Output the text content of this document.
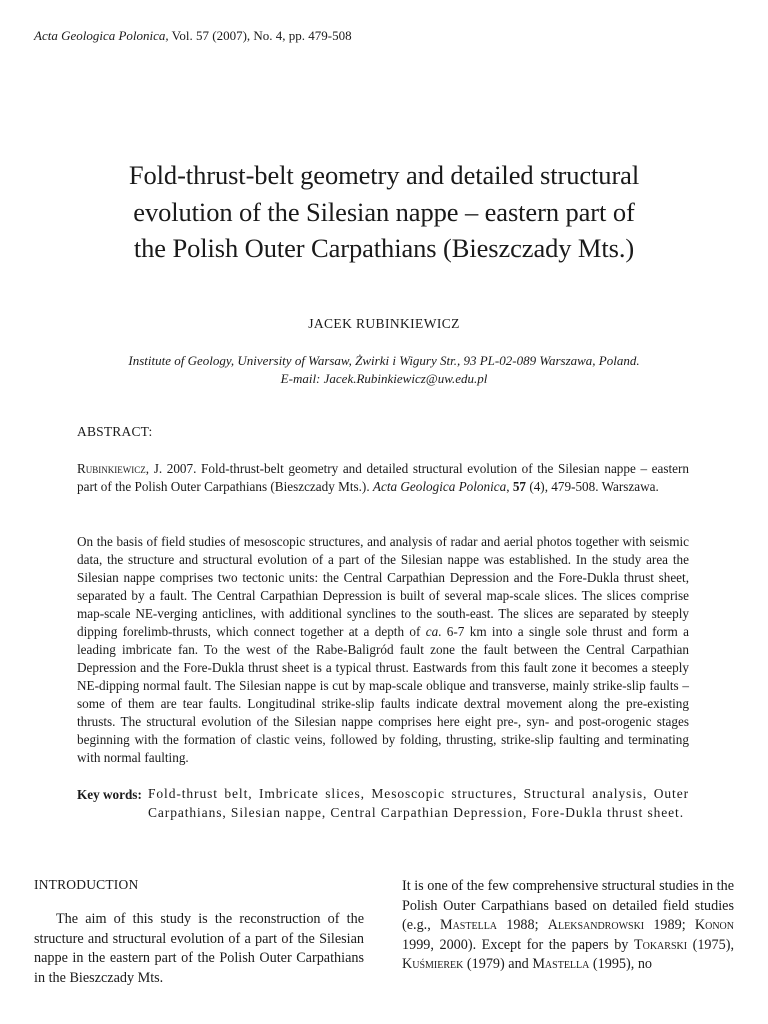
Acta Geologica Polonica, Vol. 57 (2007), No. 4, pp. 479-508
Fold-thrust-belt geometry and detailed structural
evolution of the Silesian nappe – eastern part of
the Polish Outer Carpathians (Bieszczady Mts.)
JACEK RUBINKIEWICZ
Institute of Geology, University of Warsaw, Żwirki i Wigury Str., 93 PL-02-089 Warszawa, Poland.
E-mail: Jacek.Rubinkiewicz@uw.edu.pl
ABSTRACT:
Rubinkiewicz, J. 2007. Fold-thrust-belt geometry and detailed structural evolution of the Silesian nappe – eastern part of the Polish Outer Carpathians (Bieszczady Mts.). Acta Geologica Polonica, 57 (4), 479-508. Warszawa.
On the basis of field studies of mesoscopic structures, and analysis of radar and aerial photos together with seismic data, the structure and structural evolution of a part of the Silesian nappe was established. In the study area the Silesian nappe comprises two tectonic units: the Central Carpathian Depression and the Fore-Dukla thrust sheet, separated by a fault. The Central Carpathian Depression is built of several map-scale slices. The slices comprise map-scale NE-verging anticlines, with additional synclines to the south-east. The slices are separated by steeply dipping forelimb-thrusts, which connect together at a depth of ca. 6-7 km into a single sole thrust and form a leading imbricate fan. To the west of the Rabe-Baligród fault zone the fault between the Central Carpathian Depression and the Fore-Dukla thrust sheet is a typical thrust. Eastwards from this fault zone it becomes a steeply NE-dipping normal fault. The Silesian nappe is cut by map-scale oblique and transverse, mainly strike-slip faults – some of them are tear faults. Longitudinal strike-slip faults indicate dextral movement along the pre-existing thrusts. The structural evolution of the Silesian nappe comprises here eight pre-, syn- and post-orogenic stages beginning with the formation of clastic veins, followed by folding, thrusting, strike-slip faulting and terminating with normal faulting.
Key words: Fold-thrust belt, Imbricate slices, Mesoscopic structures, Structural analysis, Outer Carpathians, Silesian nappe, Central Carpathian Depression, Fore-Dukla thrust sheet.
INTRODUCTION

The aim of this study is the reconstruction of the structure and structural evolution of a part of the Silesian nappe in the eastern part of the Polish Outer Carpathians in the Bieszczady Mts.

It is one of the few comprehensive structural studies in the Polish Outer Carpathians based on detailed field studies (e.g., Mastella 1988; Aleksandrowski 1989; Konon 1999, 2000). Except for the papers by Tokarski (1975), Kuśmierek (1979) and Mastella (1995), no
